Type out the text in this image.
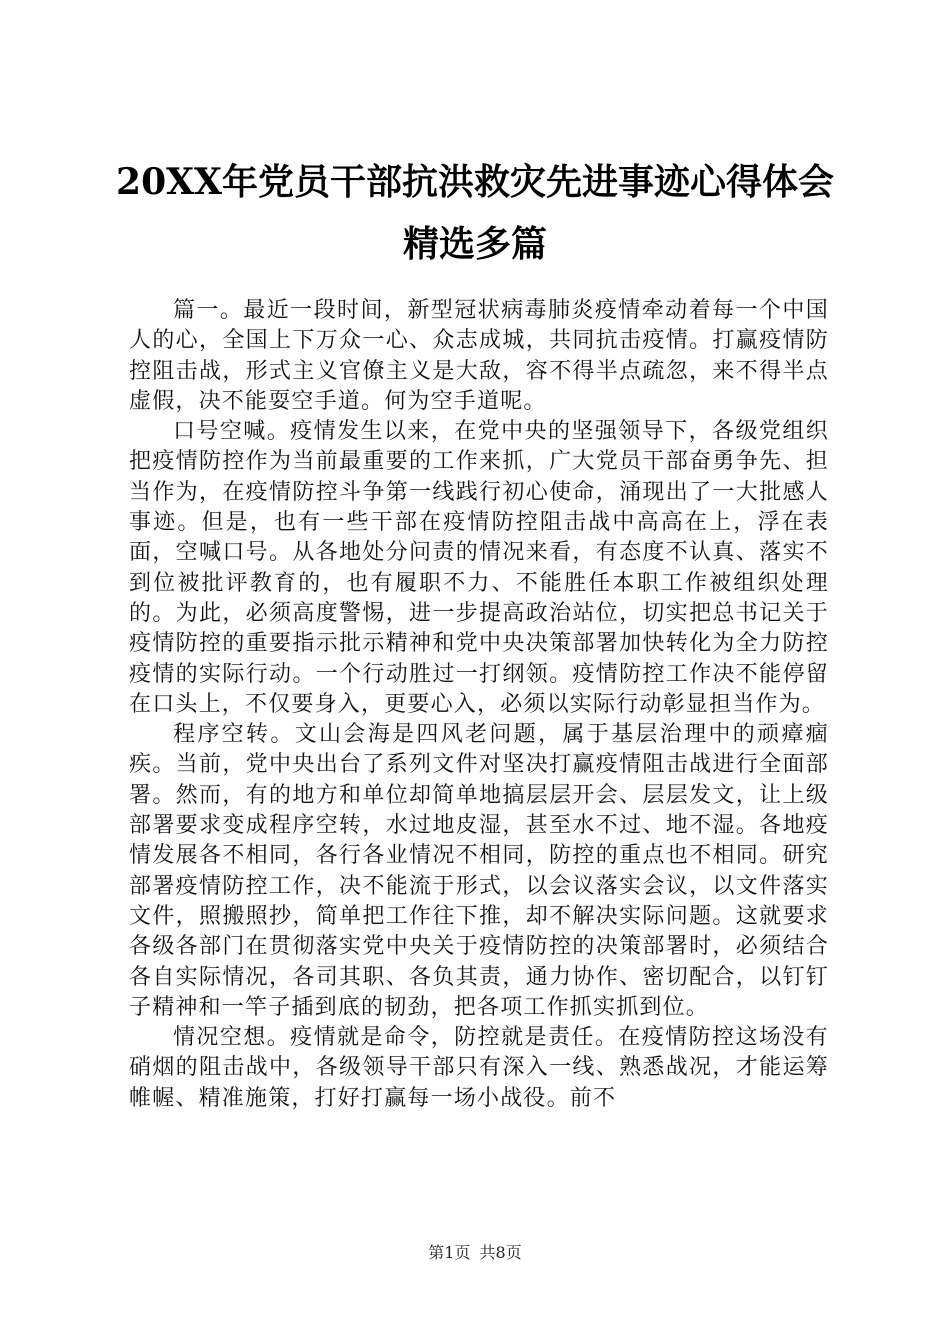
20XX年党员干部抗洪救灾先进事迹心得体会
精选多篇

篇一。最近一段时间，新型冠状病毒肺炎疫情牵动着每一个中国人的心，全国上下万众一心、众志成城，共同抗击疫情。打赢疫情防控阻击战，形式主义官僚主义是大敌，容不得半点疏忽，来不得半点虚假，决不能耍空手道。何为空手道呢。

口号空喊。疫情发生以来，在党中央的坚强领导下，各级党组织把疫情防控作为当前最重要的工作来抓，广大党员干部奋勇争先、担当作为，在疫情防控斗争第一线践行初心使命，涌现出了一大批感人事迹。但是，也有一些干部在疫情防控阻击战中高高在上，浮在表面，空喊口号。从各地处分问责的情况来看，有态度不认真、落实不到位被批评教育的，也有履职不力、不能胜任本职工作被组织处理的。为此，必须高度警惕，进一步提高政治站位，切实把总书记关于疫情防控的重要指示批示精神和党中央决策部署加快转化为全力防控疫情的实际行动。一个行动胜过一打纲领。疫情防控工作决不能停留在口头上，不仅要身入，更要心入，必须以实际行动彰显担当作为。

程序空转。文山会海是四风老问题，属于基层治理中的顽瘴痼疾。当前，党中央出台了系列文件对坚决打赢疫情阻击战进行全面部署。然而，有的地方和单位却简单地搞层层开会、层层发文，让上级部署要求变成程序空转，水过地皮湿，甚至水不过、地不湿。各地疫情发展各不相同，各行各业情况不相同，防控的重点也不相同。研究部署疫情防控工作，决不能流于形式，以会议落实会议，以文件落实文件，照搬照抄，简单把工作往下推，却不解决实际问题。这就要求各级各部门在贯彻落实党中央关于疫情防控的决策部署时，必须结合各自实际情况，各司其职、各负其责，通力协作、密切配合，以钉钉子精神和一竿子插到底的韧劲，把各项工作抓实抓到位。

情况空想。疫情就是命令，防控就是责任。在疫情防控这场没有硝烟的阻击战中，各级领导干部只有深入一线、熟悉战况，才能运筹帷幄、精准施策，打好打赢每一场小战役。前不

第1页 共8页
